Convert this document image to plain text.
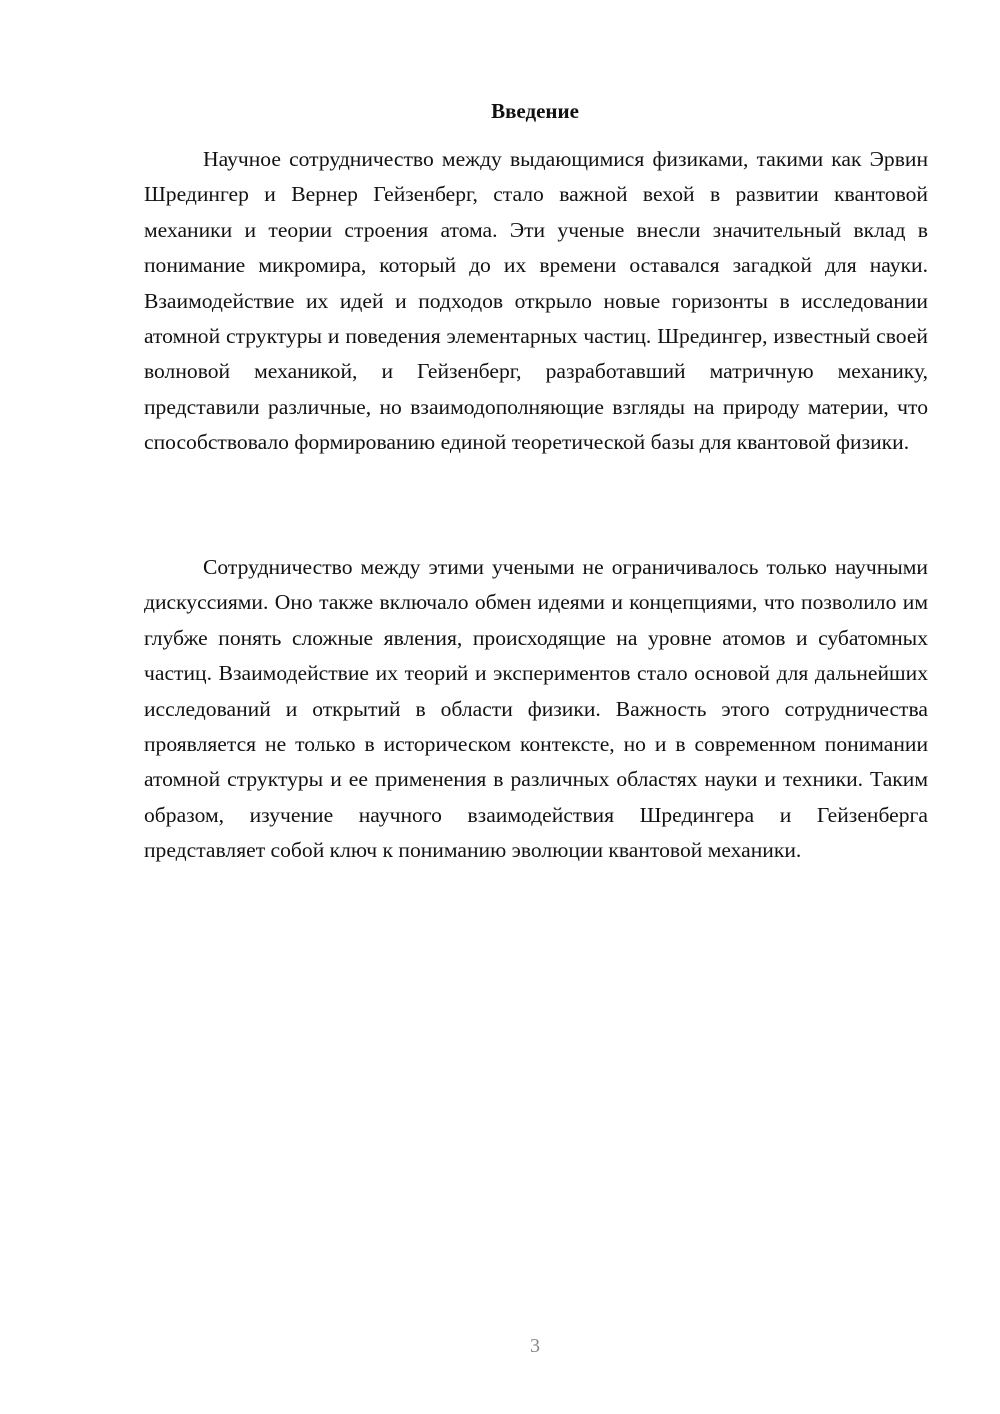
Введение

Научное сотрудничество между выдающимися физиками, такими как Эрвин Шредингер и Вернер Гейзенберг, стало важной вехой в развитии квантовой механики и теории строения атома. Эти ученые внесли значительный вклад в понимание микромира, который до их времени оставался загадкой для науки. Взаимодействие их идей и подходов открыло новые горизонты в исследовании атомной структуры и поведения элементарных частиц. Шредингер, известный своей волновой механикой, и Гейзенберг, разработавший матричную механику, представили различные, но взаимодополняющие взгляды на природу материи, что способствовало формированию единой теоретической базы для квантовой физики.

Сотрудничество между этими учеными не ограничивалось только научными дискуссиями. Оно также включало обмен идеями и концепциями, что позволило им глубже понять сложные явления, происходящие на уровне атомов и субатомных частиц. Взаимодействие их теорий и экспериментов стало основой для дальнейших исследований и открытий в области физики. Важность этого сотрудничества проявляется не только в историческом контексте, но и в современном понимании атомной структуры и ее применения в различных областях науки и техники. Таким образом, изучение научного взаимодействия Шредингера и Гейзенберга представляет собой ключ к пониманию эволюции квантовой механики.

3
